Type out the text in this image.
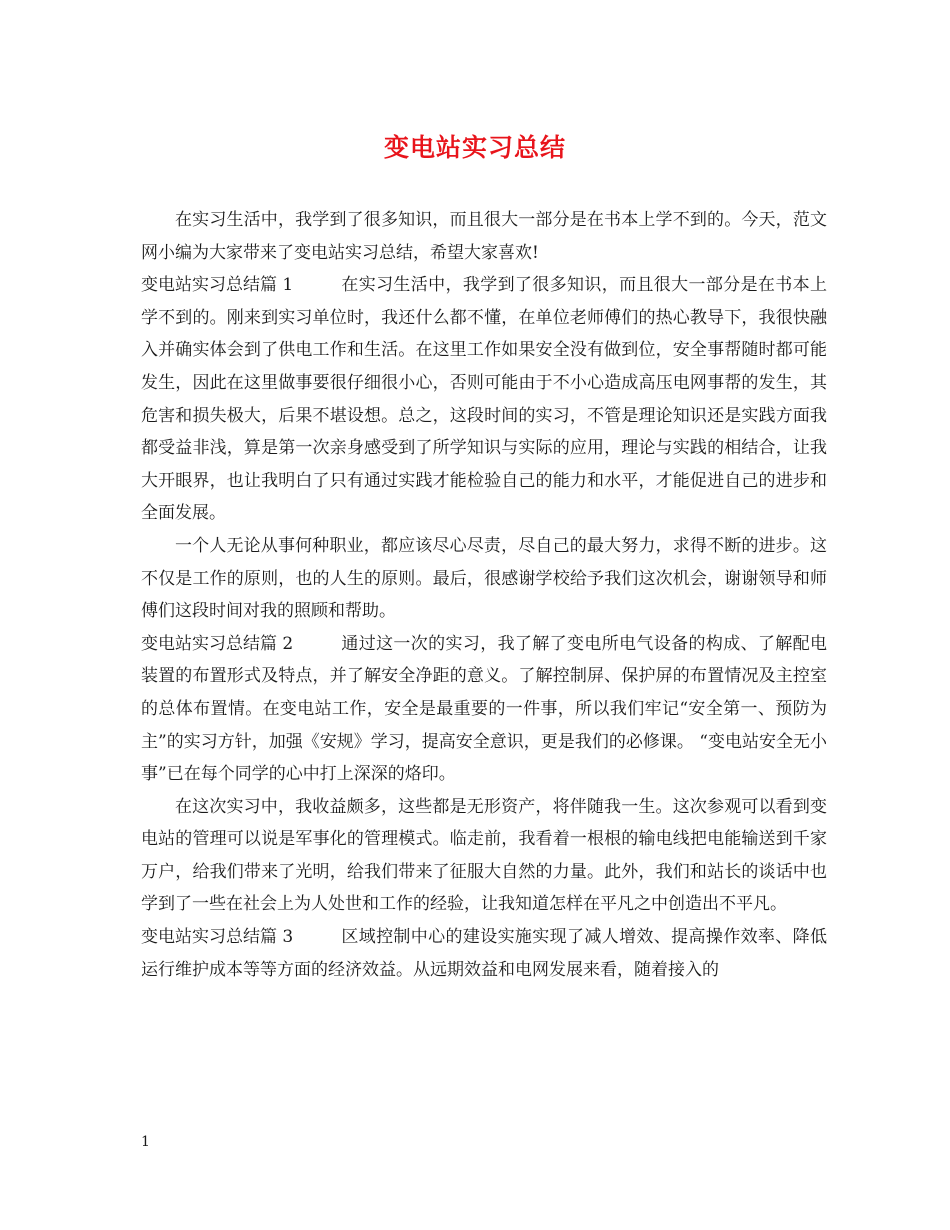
变电站实习总结

在实习生活中，我学到了很多知识，而且很大一部分是在书本上学不到的。今天，范文网小编为大家带来了变电站实习总结，希望大家喜欢!

变电站实习总结篇 1	在实习生活中，我学到了很多知识，而且很大一部分是在书本上学不到的。刚来到实习单位时，我还什么都不懂，在单位老师傅们的热心教导下，我很快融入并确实体会到了供电工作和生活。在这里工作如果安全没有做到位，安全事帮随时都可能发生，因此在这里做事要很仔细很小心，否则可能由于不小心造成高压电网事帮的发生，其危害和损失极大，后果不堪设想。总之，这段时间的实习，不管是理论知识还是实践方面我都受益非浅，算是第一次亲身感受到了所学知识与实际的应用，理论与实践的相结合，让我大开眼界，也让我明白了只有通过实践才能检验自己的能力和水平，才能促进自己的进步和全面发展。

一个人无论从事何种职业，都应该尽心尽责，尽自己的最大努力，求得不断的进步。这不仅是工作的原则，也的人生的原则。最后，很感谢学校给予我们这次机会，谢谢领导和师傅们这段时间对我的照顾和帮助。

变电站实习总结篇 2	通过这一次的实习，我了解了变电所电气设备的构成、了解配电装置的布置形式及特点，并了解安全净距的意义。了解控制屏、保护屏的布置情况及主控室的总体布置情。在变电站工作，安全是最重要的一件事，所以我们牢记“安全第一、预防为主”的实习方针，加强《安规》学习，提高安全意识，更是我们的必修课。 “变电站安全无小事”已在每个同学的心中打上深深的烙印。

在这次实习中，我收益颇多，这些都是无形资产，将伴随我一生。这次参观可以看到变电站的管理可以说是军事化的管理模式。临走前，我看着一根根的输电线把电能输送到千家万户，给我们带来了光明，给我们带来了征服大自然的力量。此外，我们和站长的谈话中也学到了一些在社会上为人处世和工作的经验，让我知道怎样在平凡之中创造出不平凡。

变电站实习总结篇 3	区域控制中心的建设实施实现了减人增效、提高操作效率、降低运行维护成本等等方面的经济效益。从远期效益和电网发展来看，随着接入的

1
